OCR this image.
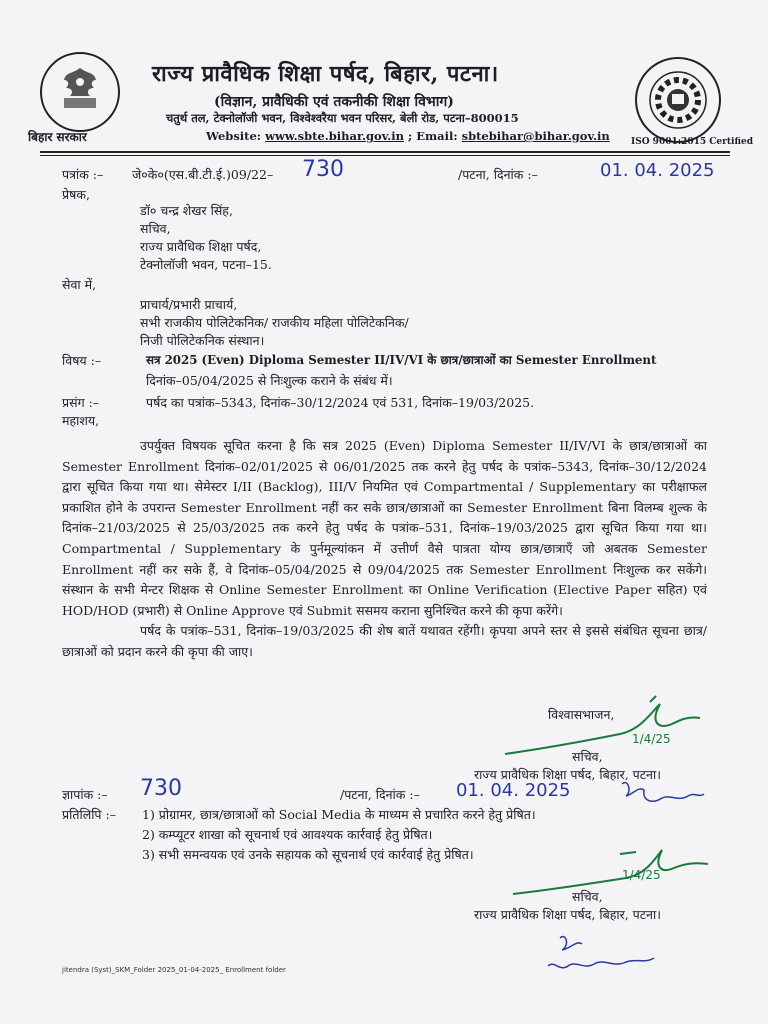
बिहार सरकार
राज्य प्रावैधिक शिक्षा पर्षद, बिहार, पटना।
(विज्ञान, प्रावैधिकी एवं तकनीकी शिक्षा विभाग)
चतुर्थ तल, टेक्नोलॉजी भवन, विश्वेश्वरैया भवन परिसर, बेली रोड, पटना–800015
Website: www.sbte.bihar.gov.in ; Email: sbtebihar@bihar.gov.in ISO 9001:2015 Certified
पत्रांक :– जे०के०(एस.बी.टी.ई.)09/22– 730	/पटना, दिनांक :–	01. 04. 2025
प्रेषक,
डॉ० चन्द्र शेखर सिंह,
सचिव,
राज्य प्रावैधिक शिक्षा पर्षद,
टेक्नोलॉजी भवन, पटना–15.
सेवा में,
प्राचार्य/प्रभारी प्राचार्य,
सभी राजकीय पोलिटेकनिक/ राजकीय महिला पोलिटेकनिक/
निजी पोलिटेकनिक संस्थान।
विषय :–	सत्र 2025 (Even) Diploma Semester II/IV/VI के छात्र/छात्राओं का Semester Enrollment
दिनांक–05/04/2025 से निःशुल्क कराने के संबंध में।
प्रसंग :–	पर्षद का पत्रांक–5343, दिनांक–30/12/2024 एवं 531, दिनांक–19/03/2025.
महाशय,

उपर्युक्त विषयक सूचित करना है कि सत्र 2025 (Even) Diploma Semester II/IV/VI के छात्र/छात्राओं का Semester Enrollment दिनांक–02/01/2025 से 06/01/2025 तक करने हेतु पर्षद के पत्रांक–5343, दिनांक–30/12/2024 द्वारा सूचित किया गया था। सेमेस्टर I/II (Backlog), III/V नियमित एवं Compartmental / Supplementary का परीक्षाफल प्रकाशित होने के उपरान्त Semester Enrollment नहीं कर सके छात्र/छात्राओं का Semester Enrollment बिना विलम्ब शुल्क के दिनांक–21/03/2025 से 25/03/2025 तक करने हेतु पर्षद के पत्रांक–531, दिनांक–19/03/2025 द्वारा सूचित किया गया था। Compartmental / Supplementary के पुर्नमूल्यांकन में उत्तीर्ण वैसे पात्रता योग्य छात्र/छात्राएँ जो अबतक Semester Enrollment नहीं कर सके हैं, वे दिनांक–05/04/2025 से 09/04/2025 तक Semester Enrollment निःशुल्क कर सकेंगे। संस्थान के सभी मेन्टर शिक्षक से Online Semester Enrollment का Online Verification (Elective Paper सहित) एवं HOD/HOD (प्रभारी) से Online Approve एवं Submit ससमय कराना सुनिश्चित करने की कृपा करेंगे।

पर्षद के पत्रांक–531, दिनांक–19/03/2025 की शेष बातें यथावत रहेंगी। कृपया अपने स्तर से इससे संबंधित सूचना छात्र/छात्राओं को प्रदान करने की कृपा की जाए।

विश्वासभाजन,
1/4/25
सचिव,
राज्य प्रावैधिक शिक्षा पर्षद, बिहार, पटना।
ज्ञापांक :– 730	/पटना, दिनांक :– 01. 04. 2025
प्रतिलिपि :– 1) प्रोग्रामर, छात्र/छात्राओं को Social Media के माध्यम से प्रचारित करने हेतु प्रेषित।
2) कम्प्यूटर शाखा को सूचनार्थ एवं आवश्यक कार्रवाई हेतु प्रेषित।
3) सभी समन्वयक एवं उनके सहायक को सूचनार्थ एवं कार्रवाई हेतु प्रेषित।
1/4/25
सचिव,
राज्य प्रावैधिक शिक्षा पर्षद, बिहार, पटना।
jitendra (Syst)_SKM_Folder 2025_01-04-2025_ Enrollment folder
